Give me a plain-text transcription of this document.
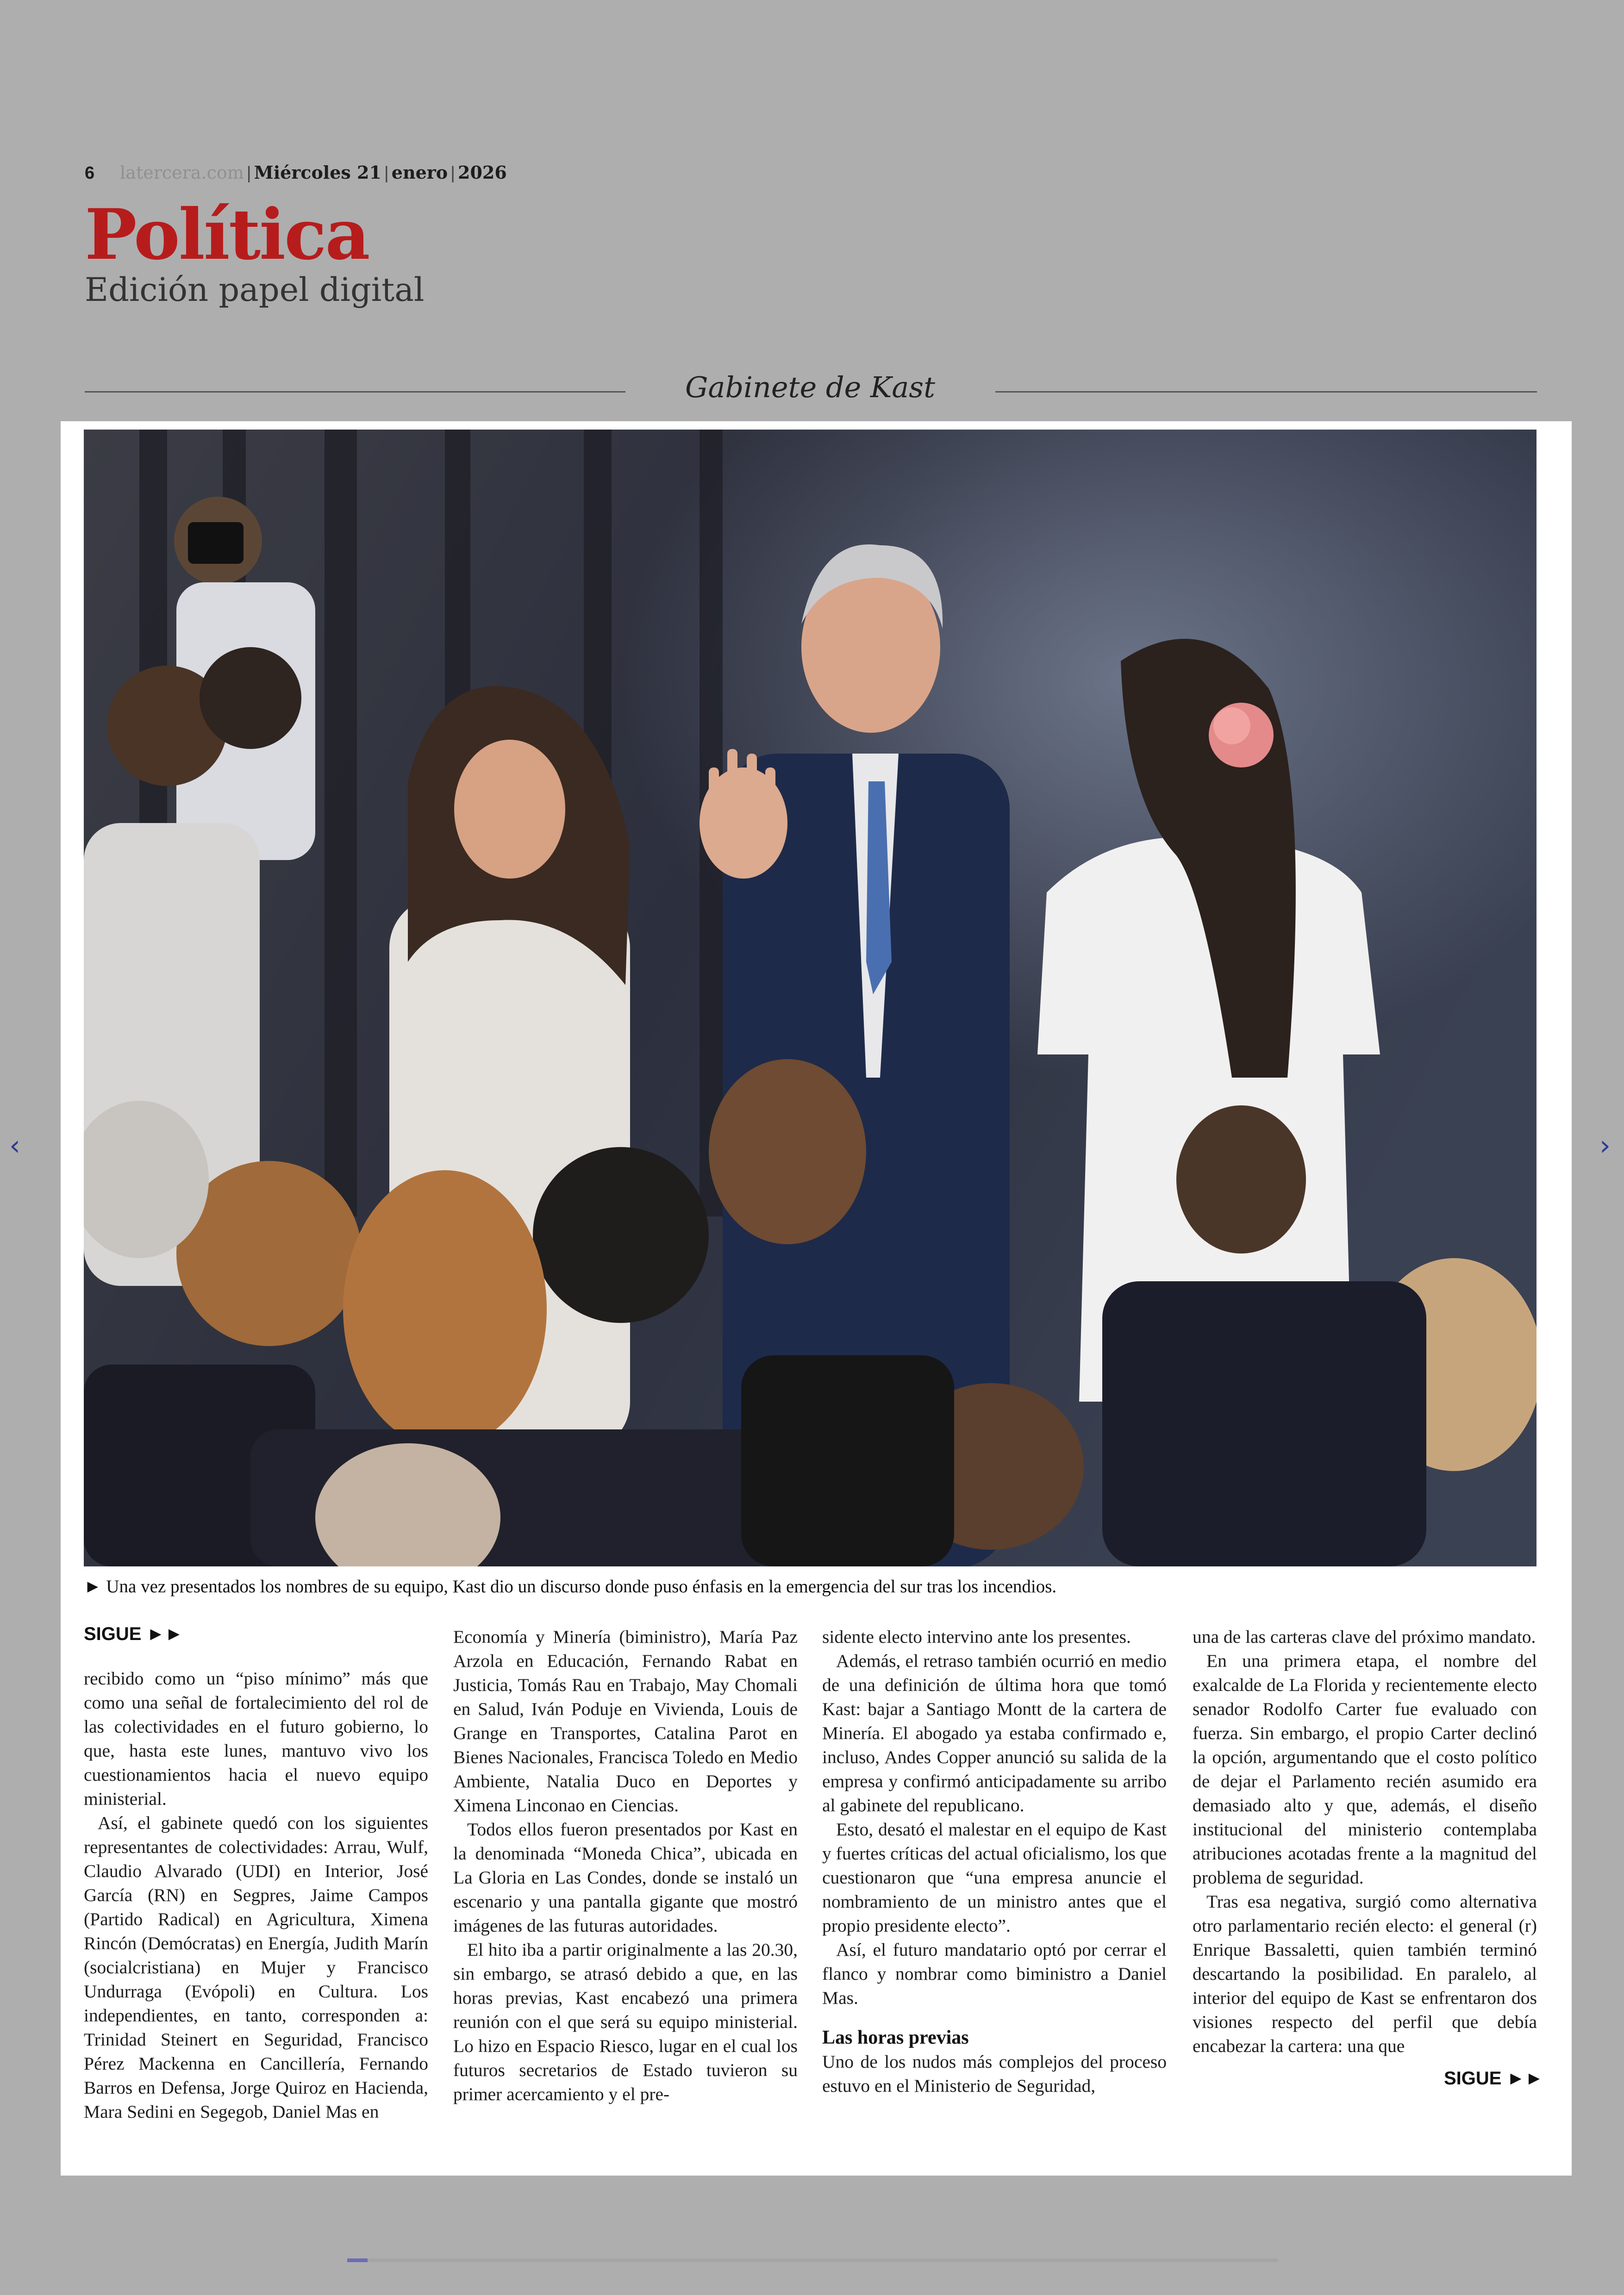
6 latercera.com | Miércoles 21 | enero | 2026
Política
Edición papel digital
Gabinete de Kast
► Una vez presentados los nombres de su equipo, Kast dio un discurso donde puso énfasis en la emergencia del sur tras los incendios.
SIGUE ►►

recibido como un “piso mínimo” más que como una señal de fortalecimiento del rol de las colectividades en el futuro gobierno, lo que, hasta este lunes, mantuvo vivo los cuestionamientos hacia el nuevo equipo ministerial.

Así, el gabinete quedó con los siguientes representantes de colectividades: Arrau, Wulf, Claudio Alvarado (UDI) en Interior, José García (RN) en Segpres, Jaime Campos (Partido Radical) en Agricultura, Ximena Rincón (Demócratas) en Energía, Judith Marín (socialcristiana) en Mujer y Francisco Undurraga (Evópoli) en Cultura. Los independientes, en tanto, corresponden a: Trinidad Steinert en Seguridad, Francisco Pérez Mackenna en Cancillería, Fernando Barros en Defensa, Jorge Quiroz en Hacienda, Mara Sedini en Segegob, Daniel Mas en

Economía y Minería (biministro), María Paz Arzola en Educación, Fernando Rabat en Justicia, Tomás Rau en Trabajo, May Chomali en Salud, Iván Poduje en Vivienda, Louis de Grange en Transportes, Catalina Parot en Bienes Nacionales, Francisca Toledo en Medio Ambiente, Natalia Duco en Deportes y Ximena Linconao en Ciencias.

Todos ellos fueron presentados por Kast en la denominada “Moneda Chica”, ubicada en La Gloria en Las Condes, donde se instaló un escenario y una pantalla gigante que mostró imágenes de las futuras autoridades.

El hito iba a partir originalmente a las 20.30, sin embargo, se atrasó debido a que, en las horas previas, Kast encabezó una primera reunión con el que será su equipo ministerial. Lo hizo en Espacio Riesco, lugar en el cual los futuros secretarios de Estado tuvieron su primer acercamiento y el pre-

sidente electo intervino ante los presentes.

Además, el retraso también ocurrió en medio de una definición de última hora que tomó Kast: bajar a Santiago Montt de la cartera de Minería. El abogado ya estaba confirmado e, incluso, Andes Copper anunció su salida de la empresa y confirmó anticipadamente su arribo al gabinete del republicano.

Esto, desató el malestar en el equipo de Kast y fuertes críticas del actual oficialismo, los que cuestionaron que “una empresa anuncie el nombramiento de un ministro antes que el propio presidente electo”.

Así, el futuro mandatario optó por cerrar el flanco y nombrar como biministro a Daniel Mas.

Las horas previas

Uno de los nudos más complejos del proceso estuvo en el Ministerio de Seguridad,

una de las carteras clave del próximo mandato.

En una primera etapa, el nombre del exalcalde de La Florida y recientemente electo senador Rodolfo Carter fue evaluado con fuerza. Sin embargo, el propio Carter declinó la opción, argumentando que el costo político de dejar el Parlamento recién asumido era demasiado alto y que, además, el diseño institucional del ministerio contemplaba atribuciones acotadas frente a la magnitud del problema de seguridad.

Tras esa negativa, surgió como alternativa otro parlamentario recién electo: el general (r) Enrique Bassaletti, quien también terminó descartando la posibilidad. En paralelo, al interior del equipo de Kast se enfrentaron dos visiones respecto del perfil que debía encabezar la cartera: una que

SIGUE ►►
‹	›
